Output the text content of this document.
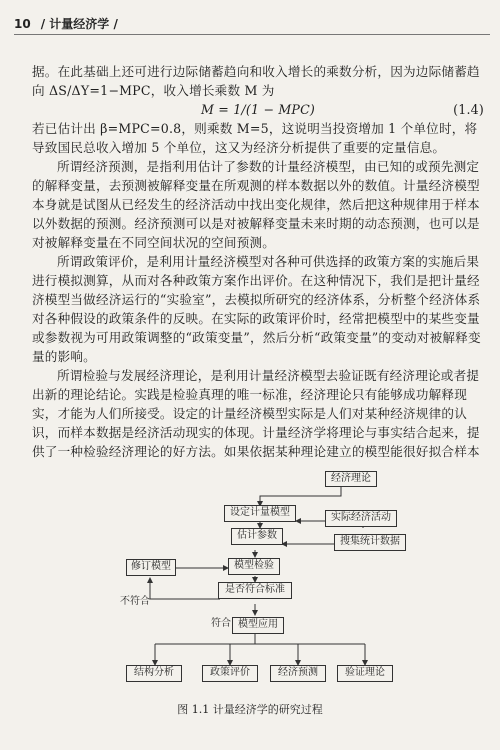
10 / 计量经济学 /

据。在此基础上还可进行边际储蓄趋向和收入增长的乘数分析，因为边际储蓄趋向 ΔS/ΔY=1−MPC，收入增长乘数 M 为

M = 1/(1 − MPC)	(1.4)

若已估计出 β=MPC=0.8，则乘数 M=5，这说明当投资增加 1 个单位时，将导致国民总收入增加 5 个单位，这又为经济分析提供了重要的定量信息。

所谓经济预测，是指利用估计了参数的计量经济模型，由已知的或预先测定的解释变量，去预测被解释变量在所观测的样本数据以外的数值。计量经济模型本身就是试图从已经发生的经济活动中找出变化规律，然后把这种规律用于样本以外数据的预测。经济预测可以是对被解释变量未来时期的动态预测，也可以是对被解释变量在不同空间状况的空间预测。

所谓政策评价，是利用计量经济模型对各种可供选择的政策方案的实施后果进行模拟测算，从而对各种政策方案作出评价。在这种情况下，我们是把计量经济模型当做经济运行的“实验室”，去模拟所研究的经济体系，分析整个经济体系对各种假设的政策条件的反映。在实际的政策评价时，经常把模型中的某些变量或参数视为可用政策调整的“政策变量”，然后分析“政策变量”的变动对被解释变量的影响。

所谓检验与发展经济理论，是利用计量经济模型去验证既有经济理论或者提出新的理论结论。实践是检验真理的唯一标准，经济理论只有能够成功解释现实，才能为人们所接受。设定的计量经济模型实际是人们对某种经济规律的认识，而样本数据是经济活动现实的体现。计量经济学将理论与事实结合起来，提供了一种检验经济理论的好方法。如果依据某种理论建立的模型能很好拟合样本

经济理论
设定计量模型	实际经济活动
估计参数
搜集统计数据
修订模型	模型检验
是否符合标准
模型应用
结构分析	政策评价	经济预测	验证理论
不符合
符合
图 1.1 计量经济学的研究过程
